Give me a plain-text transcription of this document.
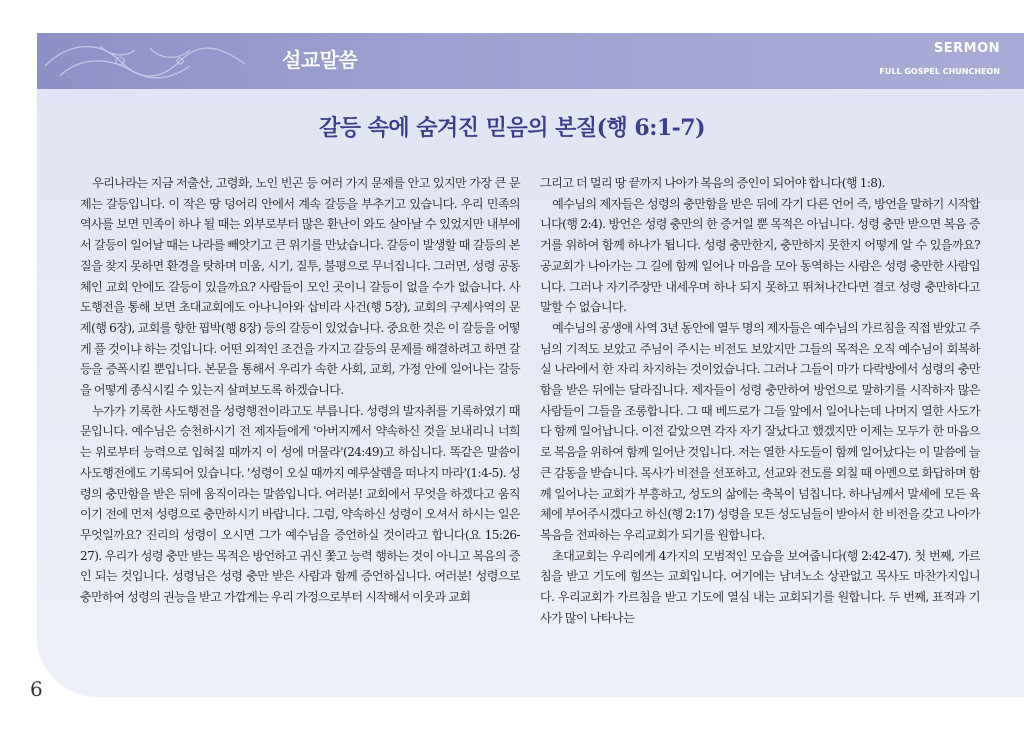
설교말씀	SERMON
FULL GOSPEL CHUNCHEON
갈등 속에 숨겨진 믿음의 본질(행 6:1-7)

우리나라는 지금 저출산, 고령화, 노인 빈곤 등 여러 가지 문제를 안고 있지만 가장 큰 문제는 갈등입니다. 이 작은 땅 덩어리 안에서 계속 갈등을 부추기고 있습니다. 우리 민족의 역사를 보면 민족이 하나 될 때는 외부로부터 많은 환난이 와도 살아날 수 있었지만 내부에서 갈등이 일어날 때는 나라를 빼앗기고 큰 위기를 만났습니다. 갈등이 발생할 때 갈등의 본질을 찾지 못하면 환경을 탓하며 미움, 시기, 질투, 불평으로 무너집니다. 그러면, 성령 공동체인 교회 안에도 갈등이 있을까요? 사람들이 모인 곳이니 갈등이 없을 수가 없습니다. 사도행전을 통해 보면 초대교회에도 아나니아와 삽비라 사건(행 5장), 교회의 구제사역의 문제(행 6장), 교회를 향한 핍박(행 8장) 등의 갈등이 있었습니다. 중요한 것은 이 갈등을 어떻게 풀 것이냐 하는 것입니다. 어떤 외적인 조건을 가지고 갈등의 문제를 해결하려고 하면 갈등을 증폭시킬 뿐입니다. 본문을 통해서 우리가 속한 사회, 교회, 가정 안에 일어나는 갈등을 어떻게 종식시킬 수 있는지 살펴보도록 하겠습니다.

누가가 기록한 사도행전을 성령행전이라고도 부릅니다. 성령의 발자취를 기록하였기 때문입니다. 예수님은 승천하시기 전 제자들에게 '아버지께서 약속하신 것을 보내리니 너희는 위로부터 능력으로 입혀질 때까지 이 성에 머물라'(24:49)고 하십니다. 똑같은 말씀이 사도행전에도 기록되어 있습니다. '성령이 오실 때까지 예루살렘을 떠나지 마라'(1:4-5). 성령의 충만함을 받은 뒤에 움직이라는 말씀입니다. 여러분! 교회에서 무엇을 하겠다고 움직이기 전에 먼저 성령으로 충만하시기 바랍니다. 그럼, 약속하신 성령이 오셔서 하시는 일은 무엇일까요? 진리의 성령이 오시면 그가 예수님을 증언하실 것이라고 합니다(요 15:26-27). 우리가 성령 충만 받는 목적은 방언하고 귀신 쫓고 능력 행하는 것이 아니고 복음의 증인 되는 것입니다. 성령님은 성령 충만 받은 사람과 함께 증언하십니다. 여러분! 성령으로 충만하여 성령의 권능을 받고 가깝게는 우리 가정으로부터 시작해서 이웃과 교회

그리고 더 멀리 땅 끝까지 나아가 복음의 증인이 되어야 합니다(행 1:8).

예수님의 제자들은 성령의 충만함을 받은 뒤에 각기 다른 언어 즉, 방언을 말하기 시작합니다(행 2:4). 방언은 성령 충만의 한 증거일 뿐 목적은 아닙니다. 성령 충만 받으면 복음 증거를 위하여 함께 하나가 됩니다. 성령 충만한지, 충만하지 못한지 어떻게 알 수 있을까요? 공교회가 나아가는 그 길에 함께 일어나 마음을 모아 동역하는 사람은 성령 충만한 사람입니다. 그러나 자기주장만 내세우며 하나 되지 못하고 뛰쳐나간다면 결코 성령 충만하다고 말할 수 없습니다.

예수님의 공생애 사역 3년 동안에 열두 명의 제자들은 예수님의 가르침을 직접 받았고 주님의 기적도 보았고 주님이 주시는 비전도 보았지만 그들의 목적은 오직 예수님이 회복하실 나라에서 한 자리 차지하는 것이었습니다. 그러나 그들이 마가 다락방에서 성령의 충만함을 받은 뒤에는 달라집니다. 제자들이 성령 충만하여 방언으로 말하기를 시작하자 많은 사람들이 그들을 조롱합니다. 그 때 베드로가 그들 앞에서 일어나는데 나머지 열한 사도가 다 함께 일어납니다. 이전 같았으면 각자 자기 잘났다고 했겠지만 이제는 모두가 한 마음으로 복음을 위하여 함께 일어난 것입니다. 저는 열한 사도들이 함께 일어났다는 이 말씀에 늘 큰 감동을 받습니다. 목사가 비전을 선포하고, 선교와 전도를 외칠 때 아멘으로 화답하며 함께 일어나는 교회가 부흥하고, 성도의 삶에는 축복이 넘칩니다. 하나님께서 말세에 모든 육체에 부어주시겠다고 하신(행 2:17) 성령을 모든 성도님들이 받아서 한 비전을 갖고 나아가 복음을 전파하는 우리교회가 되기를 원합니다.

초대교회는 우리에게 4가지의 모범적인 모습을 보여줍니다(행 2:42-47). 첫 번째, 가르침을 받고 기도에 힘쓰는 교회입니다. 여기에는 남녀노소 상관없고 목사도 마찬가지입니다. 우리교회가 가르침을 받고 기도에 열심 내는 교회되기를 원합니다. 두 번째, 표적과 기사가 많이 나타나는

6
